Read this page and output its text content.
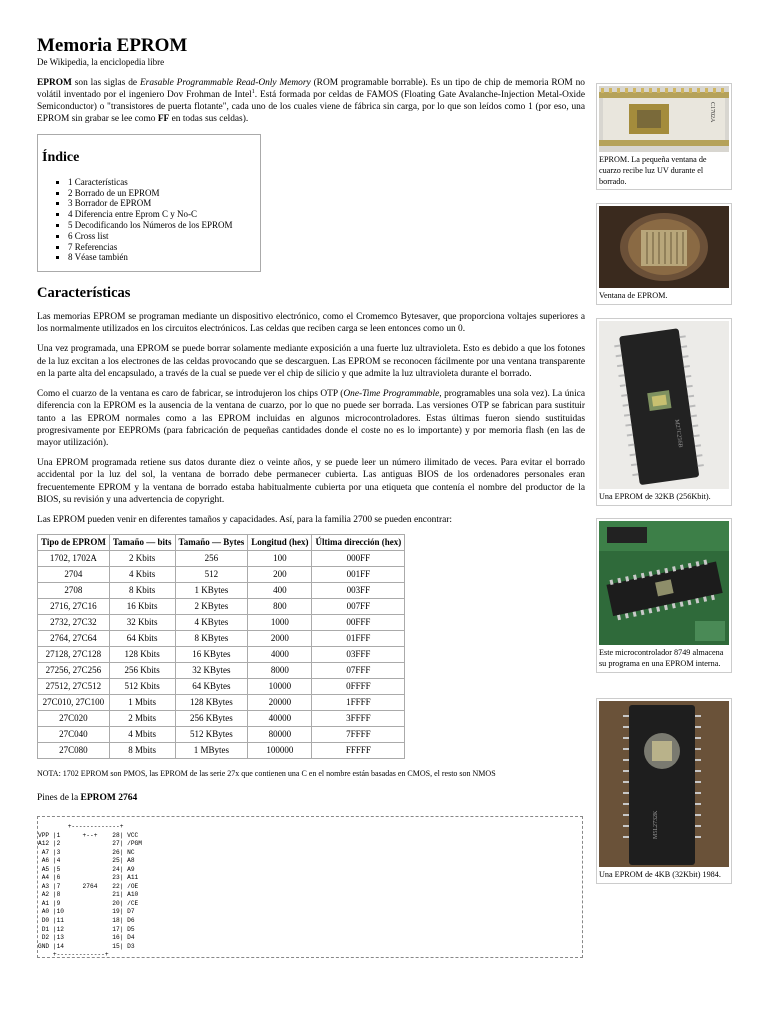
Memoria EPROM
De Wikipedia, la enciclopedia libre

EPROM son las siglas de Erasable Programmable Read-Only Memory (ROM programable borrable). Es un tipo de chip de memoria ROM no volátil inventado por el ingeniero Dov Frohman de Intel$^1$. Está formada por celdas de FAMOS (Floating Gate Avalanche-Injection Metal-Oxide Semiconductor) o "transistores de puerta flotante", cada uno de los cuales viene de fábrica sin carga, por lo que son leídos como 1 (por eso, una EPROM sin grabar se lee como FF en todas sus celdas).

Índice
▪ 1 Características
▪ 2 Borrado de un EPROM
▪ 3 Borrador de EPROM
▪ 4 Diferencia entre Eprom C y No-C
▪ 5 Decodificando los Números de los EPROM
▪ 6 Cross list
▪ 7 Referencias
▪ 8 Véase también
Características

Las memorias EPROM se programan mediante un dispositivo electrónico, como el Cromemco Bytesaver, que proporciona voltajes superiores a los normalmente utilizados en los circuitos electrónicos. Las celdas que reciben carga se leen entonces como un 0.

Una vez programada, una EPROM se puede borrar solamente mediante exposición a una fuerte luz ultravioleta. Esto es debido a que los fotones de la luz excitan a los electrones de las celdas provocando que se descarguen. Las EPROM se reconocen fácilmente por una ventana transparente en la parte alta del encapsulado, a través de la cual se puede ver el chip de silicio y que admite la luz ultravioleta durante el borrado.

Como el cuarzo de la ventana es caro de fabricar, se introdujeron los chips OTP (One-Time Programmable, programables una sola vez). La única diferencia con la EPROM es la ausencia de la ventana de cuarzo, por lo que no puede ser borrada. Las versiones OTP se fabrican para sustituir tanto a las EPROM normales como a las EPROM incluidas en algunos microcontroladores. Estas últimas fueron siendo sustituidas progresivamente por EEPROMs (para fabricación de pequeñas cantidades donde el coste no es lo importante) y por memoria flash (en las de mayor utilización).

Una EPROM programada retiene sus datos durante diez o veinte años, y se puede leer un número ilimitado de veces. Para evitar el borrado accidental por la luz del sol, la ventana de borrado debe permanecer cubierta. Las antiguas BIOS de los ordenadores personales eran frecuentemente EPROM y la ventana de borrado estaba habitualmente cubierta por una etiqueta que contenía el nombre del productor de la BIOS, su revisión y una advertencia de copyright.

Las EPROM pueden venir en diferentes tamaños y capacidades. Así, para la familia 2700 se pueden encontrar:

Tipo de EPROM	Tamaño — bits	Tamaño — Bytes	Longitud (hex)	Última dirección (hex)
1702, 1702A	2 Kbits	256	100	000FF
2704	4 Kbits	512	200	001FF
2708	8 Kbits	1 KBytes	400	003FF
2716, 27C16	16 Kbits	2 KBytes	800	007FF
2732, 27C32	32 Kbits	4 KBytes	1000	00FFF
2764, 27C64	64 Kbits	8 KBytes	2000	01FFF
27128, 27C128	128 Kbits	16 KBytes	4000	03FFF
27256, 27C256	256 Kbits	32 KBytes	8000	07FFF
27512, 27C512	512 Kbits	64 KBytes	10000	0FFFF
27C010, 27C100	1 Mbits	128 KBytes	20000	1FFFF
27C020	2 Mbits	256 KBytes	40000	3FFFF
27C040	4 Mbits	512 KBytes	80000	7FFFF
27C080	8 Mbits	1 MBytes	100000	FFFFF
NOTA: 1702 EPROM son PMOS, las EPROM de las serie 27x que contienen una C en el nombre están basadas en CMOS, el resto son NMOS
Pines de la EPROM 2764
+-------------+
VPP |1      +--+    28| VCC
A12 |2              27| /PGM
A7 |3              26| NC
A6 |4              25| A8
A5 |5              24| A9
A4 |6              23| A11
A3 |7      2764    22| /OE
A2 |8              21| A10
A1 |9              20| /CE
A0 |10             19| D7
D0 |11             18| D6
D1 |12             17| D5
D2 |13             16| D4
GND |14             15| D3
+-------------+
C1702A
EPROM. La pequeña ventana de cuarzo recibe luz UV durante el borrado.
Ventana de EPROM.
M27C256B
Una EPROM de 32KB (256Kbit).
Este microcontrolador 8749 almacena su programa en una EPROM interna.
M5L2732K
Una EPROM de 4KB (32Kbit) 1984.
